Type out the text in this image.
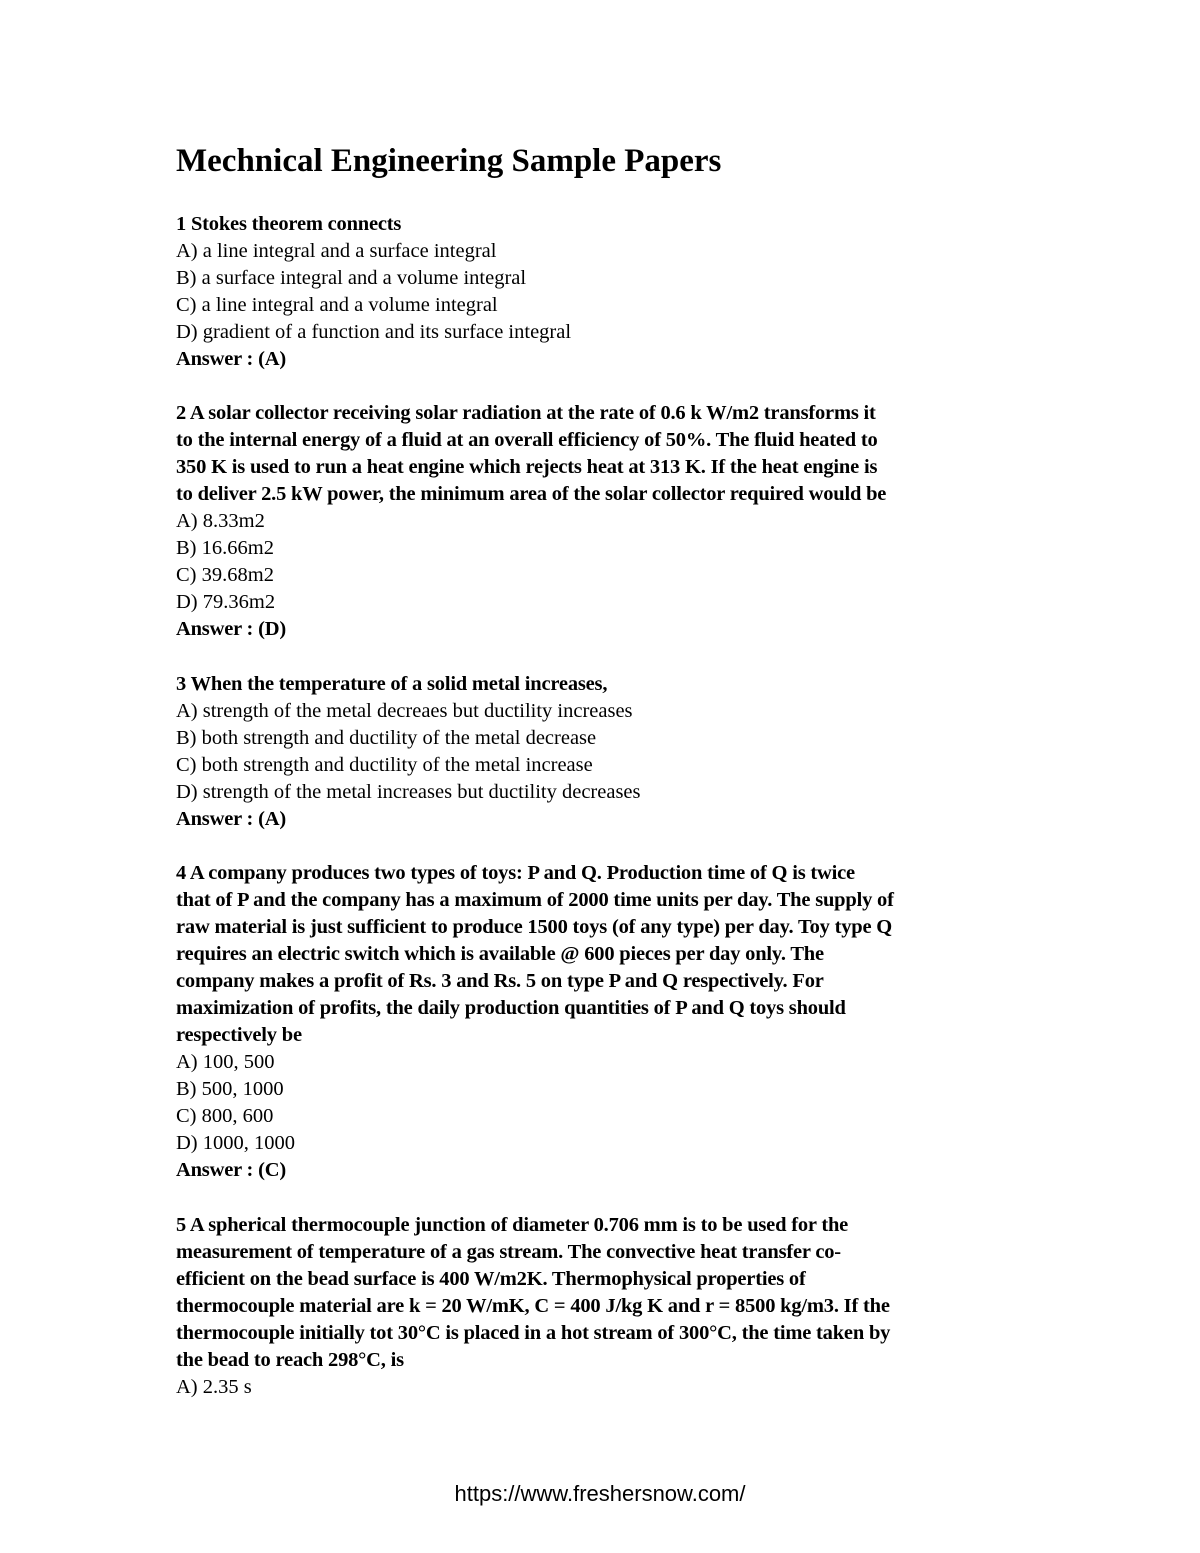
Mechnical Engineering Sample Papers
1 Stokes theorem connects
A) a line integral and a surface integral
B) a surface integral and a volume integral
C) a line integral and a volume integral
D) gradient of a function and its surface integral
Answer : (A)
2 A solar collector receiving solar radiation at the rate of 0.6 k W/m2 transforms it
to the internal energy of a fluid at an overall efficiency of 50%. The fluid heated to
350 K is used to run a heat engine which rejects heat at 313 K. If the heat engine is
to deliver 2.5 kW power, the minimum area of the solar collector required would be
A) 8.33m2
B) 16.66m2
C) 39.68m2
D) 79.36m2
Answer : (D)
3 When the temperature of a solid metal increases,
A) strength of the metal decreaes but ductility increases
B) both strength and ductility of the metal decrease
C) both strength and ductility of the metal increase
D) strength of the metal increases but ductility decreases
Answer : (A)
4 A company produces two types of toys: P and Q. Production time of Q is twice
that of P and the company has a maximum of 2000 time units per day. The supply of
raw material is just sufficient to produce 1500 toys (of any type) per day. Toy type Q
requires an electric switch which is available @ 600 pieces per day only. The
company makes a profit of Rs. 3 and Rs. 5 on type P and Q respectively. For
maximization of profits, the daily production quantities of P and Q toys should
respectively be
A) 100, 500
B) 500, 1000
C) 800, 600
D) 1000, 1000
Answer : (C)
5 A spherical thermocouple junction of diameter 0.706 mm is to be used for the
measurement of temperature of a gas stream. The convective heat transfer co-
efficient on the bead surface is 400 W/m2K. Thermophysical properties of
thermocouple material are k = 20 W/mK, C = 400 J/kg K and r = 8500 kg/m3. If the
thermocouple initially tot 30°C is placed in a hot stream of 300°C, the time taken by
the bead to reach 298°C, is
A) 2.35 s
https://www.freshersnow.com/
